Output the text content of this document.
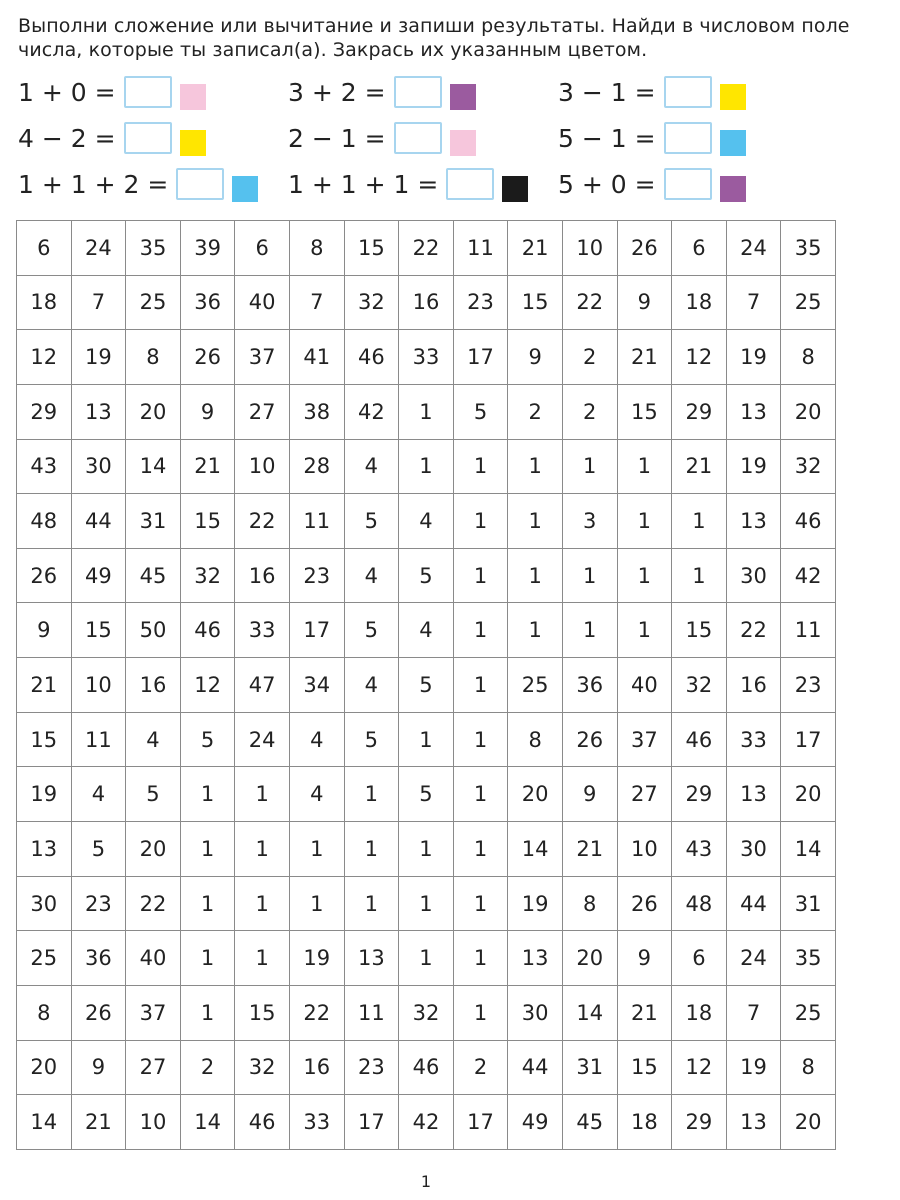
Выполни сложение или вычитание и запиши результаты. Найди в числовом поле числа, которые ты записал(а). Закрась их указанным цветом.
1 + 0 =	3 + 2 =	3 − 1 =
4 − 2 =	2 − 1 =	5 − 1 =
1 + 1 + 2 =	1 + 1 + 1 =	5 + 0 =
6	24	35	39	6	8	15	22	11	21	10	26	6	24	35
18	7	25	36	40	7	32	16	23	15	22	9	18	7	25
12	19	8	26	37	41	46	33	17	9	2	21	12	19	8
29	13	20	9	27	38	42	1	5	2	2	15	29	13	20
43	30	14	21	10	28	4	1	1	1	1	1	21	19	32
48	44	31	15	22	11	5	4	1	1	3	1	1	13	46
26	49	45	32	16	23	4	5	1	1	1	1	1	30	42
9	15	50	46	33	17	5	4	1	1	1	1	15	22	11
21	10	16	12	47	34	4	5	1	25	36	40	32	16	23
15	11	4	5	24	4	5	1	1	8	26	37	46	33	17
19	4	5	1	1	4	1	5	1	20	9	27	29	13	20
13	5	20	1	1	1	1	1	1	14	21	10	43	30	14
30	23	22	1	1	1	1	1	1	19	8	26	48	44	31
25	36	40	1	1	19	13	1	1	13	20	9	6	24	35
8	26	37	1	15	22	11	32	1	30	14	21	18	7	25
20	9	27	2	32	16	23	46	2	44	31	15	12	19	8
14	21	10	14	46	33	17	42	17	49	45	18	29	13	20
1
